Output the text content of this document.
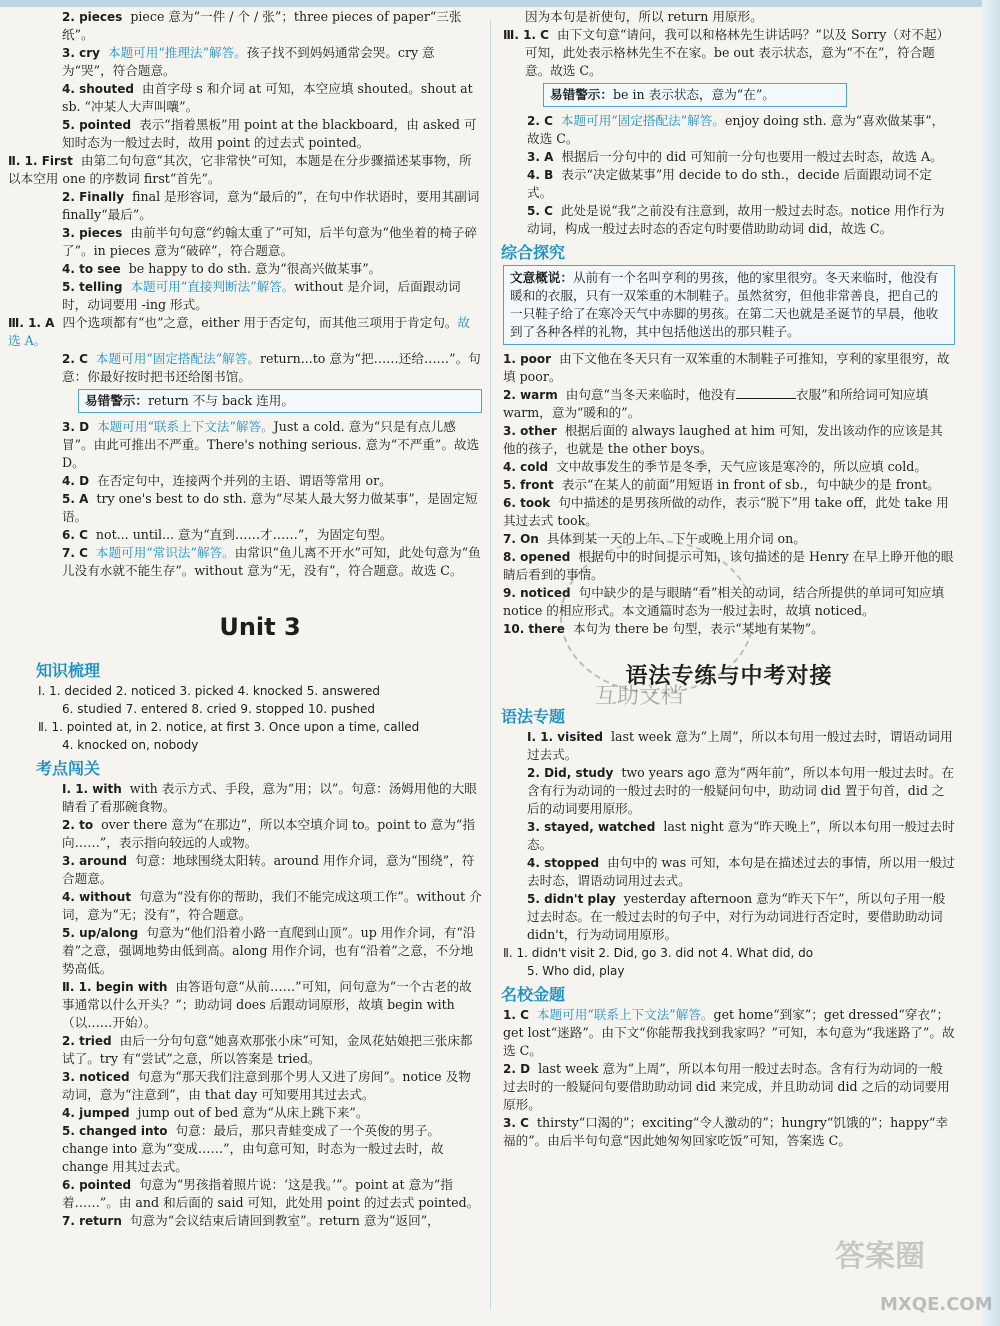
2. pieces piece 意为“一件 / 个 / 张”；three pieces of paper“三张纸”。
3. cry 本题可用“推理法”解答。孩子找不到妈妈通常会哭。cry 意为“哭”，符合题意。
4. shouted 由首字母 s 和介词 at 可知，本空应填 shouted。shout at sb. “冲某人大声叫嚷”。
5. pointed 表示“指着黑板”用 point at the blackboard，由 asked 可知时态为一般过去时，故用 point 的过去式 pointed。
Ⅱ. 1. First 由第二句句意“其次，它非常快”可知，本题是在分步骤描述某事物，所以本空用 one 的序数词 first“首先”。
2. Finally final 是形容词，意为“最后的”，在句中作状语时，要用其副词 finally“最后”。
3. pieces 由前半句句意“约翰太重了”可知，后半句意为“他坐着的椅子碎了”。in pieces 意为“破碎”，符合题意。
4. to see be happy to do sth. 意为“很高兴做某事”。
5. telling 本题可用“直接判断法”解答。without 是介词，后面跟动词时，动词要用 -ing 形式。
Ⅲ. 1. A 四个选项都有“也”之意，either 用于否定句，而其他三项用于肯定句。故选 A。
2. C 本题可用“固定搭配法”解答。return...to 意为“把……还给……”。句意：你最好按时把书还给图书馆。
易错警示：return 不与 back 连用。
3. D 本题可用“联系上下文法”解答。Just a cold. 意为“只是有点儿感冒”。由此可推出不严重。There's nothing serious. 意为“不严重”。故选 D。
4. D 在否定句中，连接两个并列的主语、谓语等常用 or。
5. A try one's best to do sth. 意为“尽某人最大努力做某事”，是固定短语。
6. C not... until... 意为“直到……才……”，为固定句型。
7. C 本题可用“常识法”解答。由常识“鱼儿离不开水”可知，此处句意为“鱼儿没有水就不能生存”。without 意为“无，没有”，符合题意。故选 C。
Unit 3
知识梳理
Ⅰ. 1. decided 2. noticed 3. picked 4. knocked 5. answered
6. studied 7. entered 8. cried 9. stopped 10. pushed
Ⅱ. 1. pointed at, in 2. notice, at first 3. Once upon a time, called
4. knocked on, nobody
考点闯关
Ⅰ. 1. with with 表示方式、手段，意为“用；以”。句意：汤姆用他的大眼睛看了看那碗食物。
2. to over there 意为“在那边”，所以本空填介词 to。point to 意为“指向……”，表示指向较远的人或物。
3. around 句意：地球围绕太阳转。around 用作介词，意为“围绕”，符合题意。
4. without 句意为“没有你的帮助，我们不能完成这项工作”。without 介词，意为“无；没有”，符合题意。
5. up/along 句意为“他们沿着小路一直爬到山顶”。up 用作介词，有“沿着”之意，强调地势由低到高。along 用作介词，也有“沿着”之意，不分地势高低。
Ⅱ. 1. begin with 由答语句意“从前……”可知，问句意为“一个古老的故事通常以什么开头？”；助动词 does 后跟动词原形，故填 begin with（以……开始）。
2. tried 由后一分句句意“她喜欢那张小床”可知，金凤花姑娘把三张床都试了。try 有“尝试”之意，所以答案是 tried。
3. noticed 句意为“那天我们注意到那个男人又进了房间”。notice 及物动词，意为“注意到”，由 that day 可知要用其过去式。
4. jumped jump out of bed 意为“从床上跳下来”。
5. changed into 句意：最后，那只青蛙变成了一个英俊的男子。change into 意为“变成……”，由句意可知，时态为一般过去时，故 change 用其过去式。
6. pointed 句意为“男孩指着照片说：‘这是我。’”。point at 意为“指着……”。由 and 和后面的 said 可知，此处用 point 的过去式 pointed。
7. return 句意为“会议结束后请回到教室”。return 意为“返回”，
因为本句是祈使句，所以 return 用原形。
Ⅲ. 1. C 由下文句意“请问，我可以和格林先生讲话吗？”以及 Sorry（对不起）可知，此处表示格林先生不在家。be out 表示状态，意为“不在”，符合题意。故选 C。
易错警示：be in 表示状态，意为“在”。
2. C 本题可用“固定搭配法”解答。enjoy doing sth. 意为“喜欢做某事”，故选 C。
3. A 根据后一分句中的 did 可知前一分句也要用一般过去时态，故选 A。
4. B 表示“决定做某事”用 decide to do sth.，decide 后面跟动词不定式。
5. C 此处是说“我”之前没有注意到，故用一般过去时态。notice 用作行为动词，构成一般过去时态的否定句时要借助助动词 did，故选 C。
综合探究
文意概说：从前有一个名叫亨利的男孩，他的家里很穷。冬天来临时，他没有暖和的衣服，只有一双笨重的木制鞋子。虽然贫穷，但他非常善良，把自己的一只鞋子给了在寒冷天气中赤脚的男孩。在第二天也就是圣诞节的早晨，他收到了各种各样的礼物，其中包括他送出的那只鞋子。
1. poor 由下文他在冬天只有一双笨重的木制鞋子可推知，亨利的家里很穷，故填 poor。
2. warm 由句意“当冬天来临时，他没有	衣服”和所给词可知应填 warm，意为“暖和的”。
3. other 根据后面的 always laughed at him 可知，发出该动作的应该是其他的孩子，也就是 the other boys。
4. cold 文中故事发生的季节是冬季，天气应该是寒冷的，所以应填 cold。
5. front 表示“在某人的前面”用短语 in front of sb.，句中缺少的是 front。
6. took 句中描述的是男孩所做的动作，表示“脱下”用 take off，此处 take 用其过去式 took。
7. On 具体到某一天的上午、下午或晚上用介词 on。
8. opened 根据句中的时间提示可知，该句描述的是 Henry 在早上睁开他的眼睛后看到的事情。
9. noticed 句中缺少的是与眼睛“看”相关的动词，结合所提供的单词可知应填 notice 的相应形式。本文通篇时态为一般过去时，故填 noticed。
10. there 本句为 there be 句型，表示“某地有某物”。
语法专练与中考对接
语法专题
Ⅰ. 1. visited last week 意为“上周”，所以本句用一般过去时，谓语动词用过去式。
2. Did, study two years ago 意为“两年前”，所以本句用一般过去时。在含有行为动词的一般过去时的一般疑问句中，助动词 did 置于句首，did 之后的动词要用原形。
3. stayed, watched last night 意为“昨天晚上”，所以本句用一般过去时态。
4. stopped 由句中的 was 可知，本句是在描述过去的事情，所以用一般过去时态，谓语动词用过去式。
5. didn't play yesterday afternoon 意为“昨天下午”，所以句子用一般过去时态。在一般过去时的句子中，对行为动词进行否定时，要借助助动词 didn't，行为动词用原形。
Ⅱ. 1. didn't visit 2. Did, go 3. did not 4. What did, do
5. Who did, play
名校金题
1. C 本题可用“联系上下文法”解答。get home“到家”；get dressed“穿衣”；get lost“迷路”。由下文“你能帮我找到我家吗？”可知，本句意为“我迷路了”。故选 C。
2. D last week 意为“上周”，所以本句用一般过去时态。含有行为动词的一般过去时的一般疑问句要借助助动词 did 来完成，并且助动词 did 之后的动词要用原形。
3. C thirsty“口渴的”；exciting“令人激动的”；hungry“饥饿的”；happy“幸福的”。由后半句句意“因此她匆匆回家吃饭”可知，答案选 C。
互助文档
答案圈
MXQE.COM
